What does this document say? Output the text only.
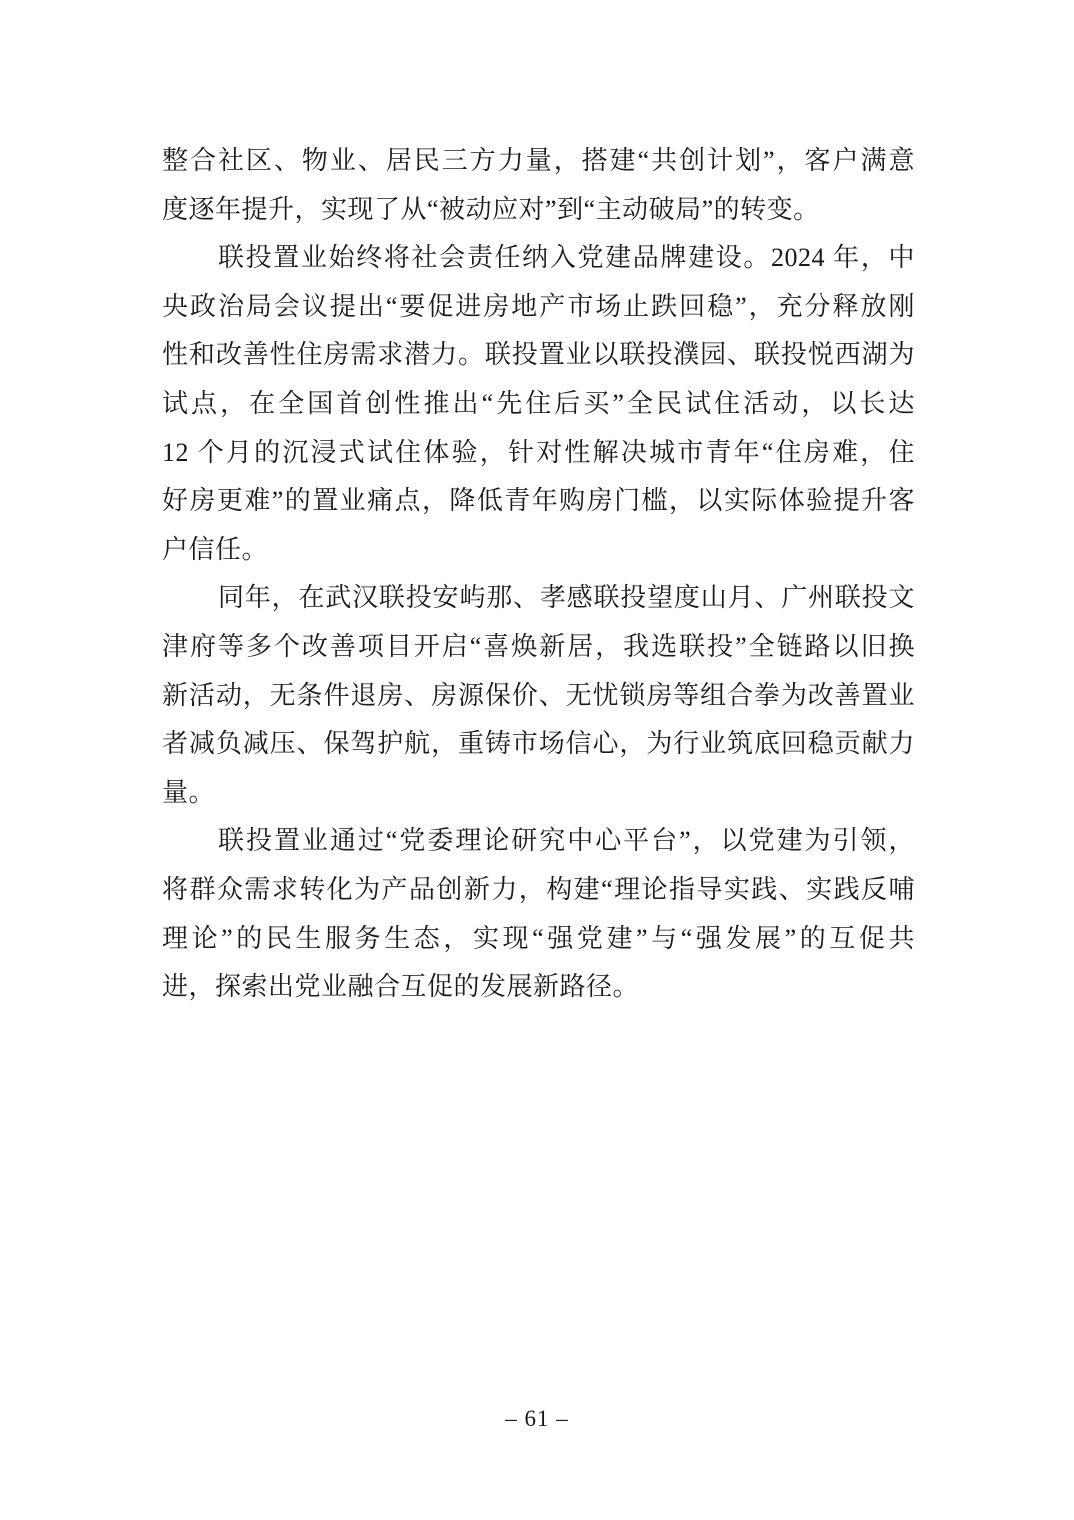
整合社区、物业、居民三方力量，搭建“共创计划”，客户满意
度逐年提升，实现了从“被动应对”到“主动破局”的转变。
联投置业始终将社会责任纳入党建品牌建设。2024 年，中
央政治局会议提出“要促进房地产市场止跌回稳”，充分释放刚
性和改善性住房需求潜力。联投置业以联投濮园、联投悦西湖为
试点，在全国首创性推出“先住后买”全民试住活动，以长达
12 个月的沉浸式试住体验，针对性解决城市青年“住房难，住
好房更难”的置业痛点，降低青年购房门槛，以实际体验提升客
户信任。
同年，在武汉联投安屿那、孝感联投望度山月、广州联投文
津府等多个改善项目开启“喜焕新居，我选联投”全链路以旧换
新活动，无条件退房、房源保价、无忧锁房等组合拳为改善置业
者减负减压、保驾护航，重铸市场信心，为行业筑底回稳贡献力
量。
联投置业通过“党委理论研究中心平台”，以党建为引领，
将群众需求转化为产品创新力，构建“理论指导实践、实践反哺
理论”的民生服务生态，实现“强党建”与“强发展”的互促共
进，探索出党业融合互促的发展新路径。
– 61 –
